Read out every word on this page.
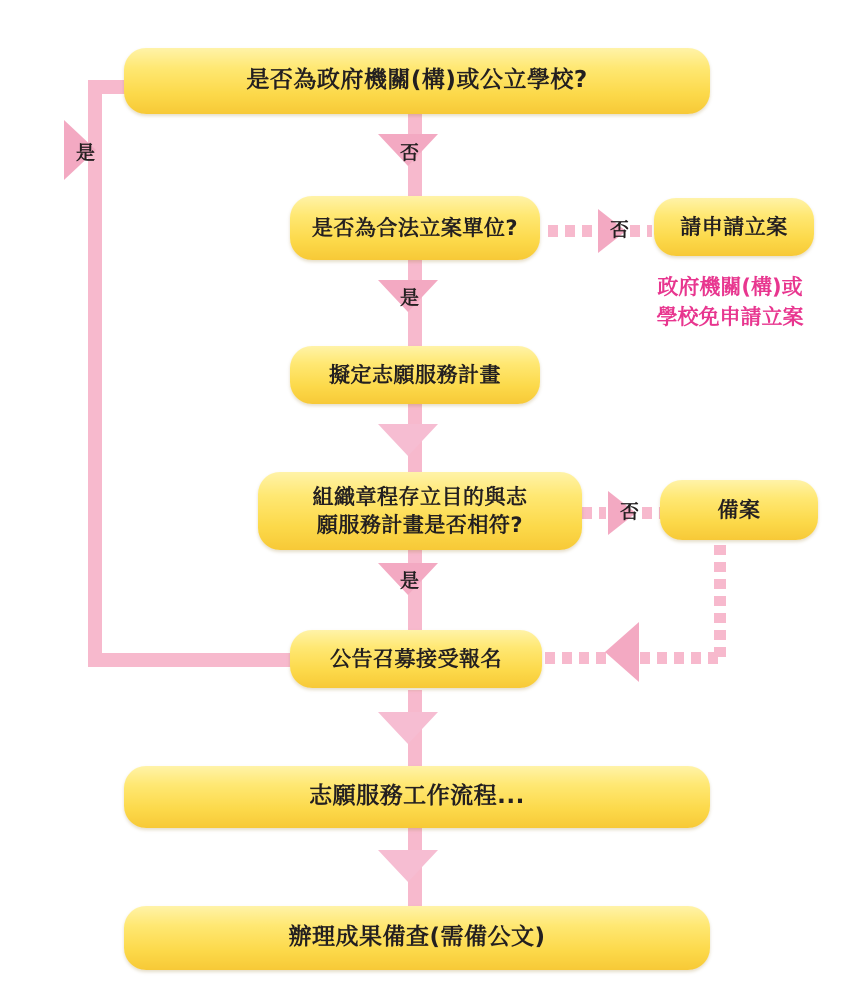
否
是
是
否
是
否
是否為政府機關(構)或公立學校?
是否為合法立案單位?	請申請立案
政府機關(構)或
學校免申請立案
擬定志願服務計畫
組織章程存立目的與志
願服務計畫是否相符?
備案
公告召募接受報名
志願服務工作流程...
辦理成果備查(需備公文)
